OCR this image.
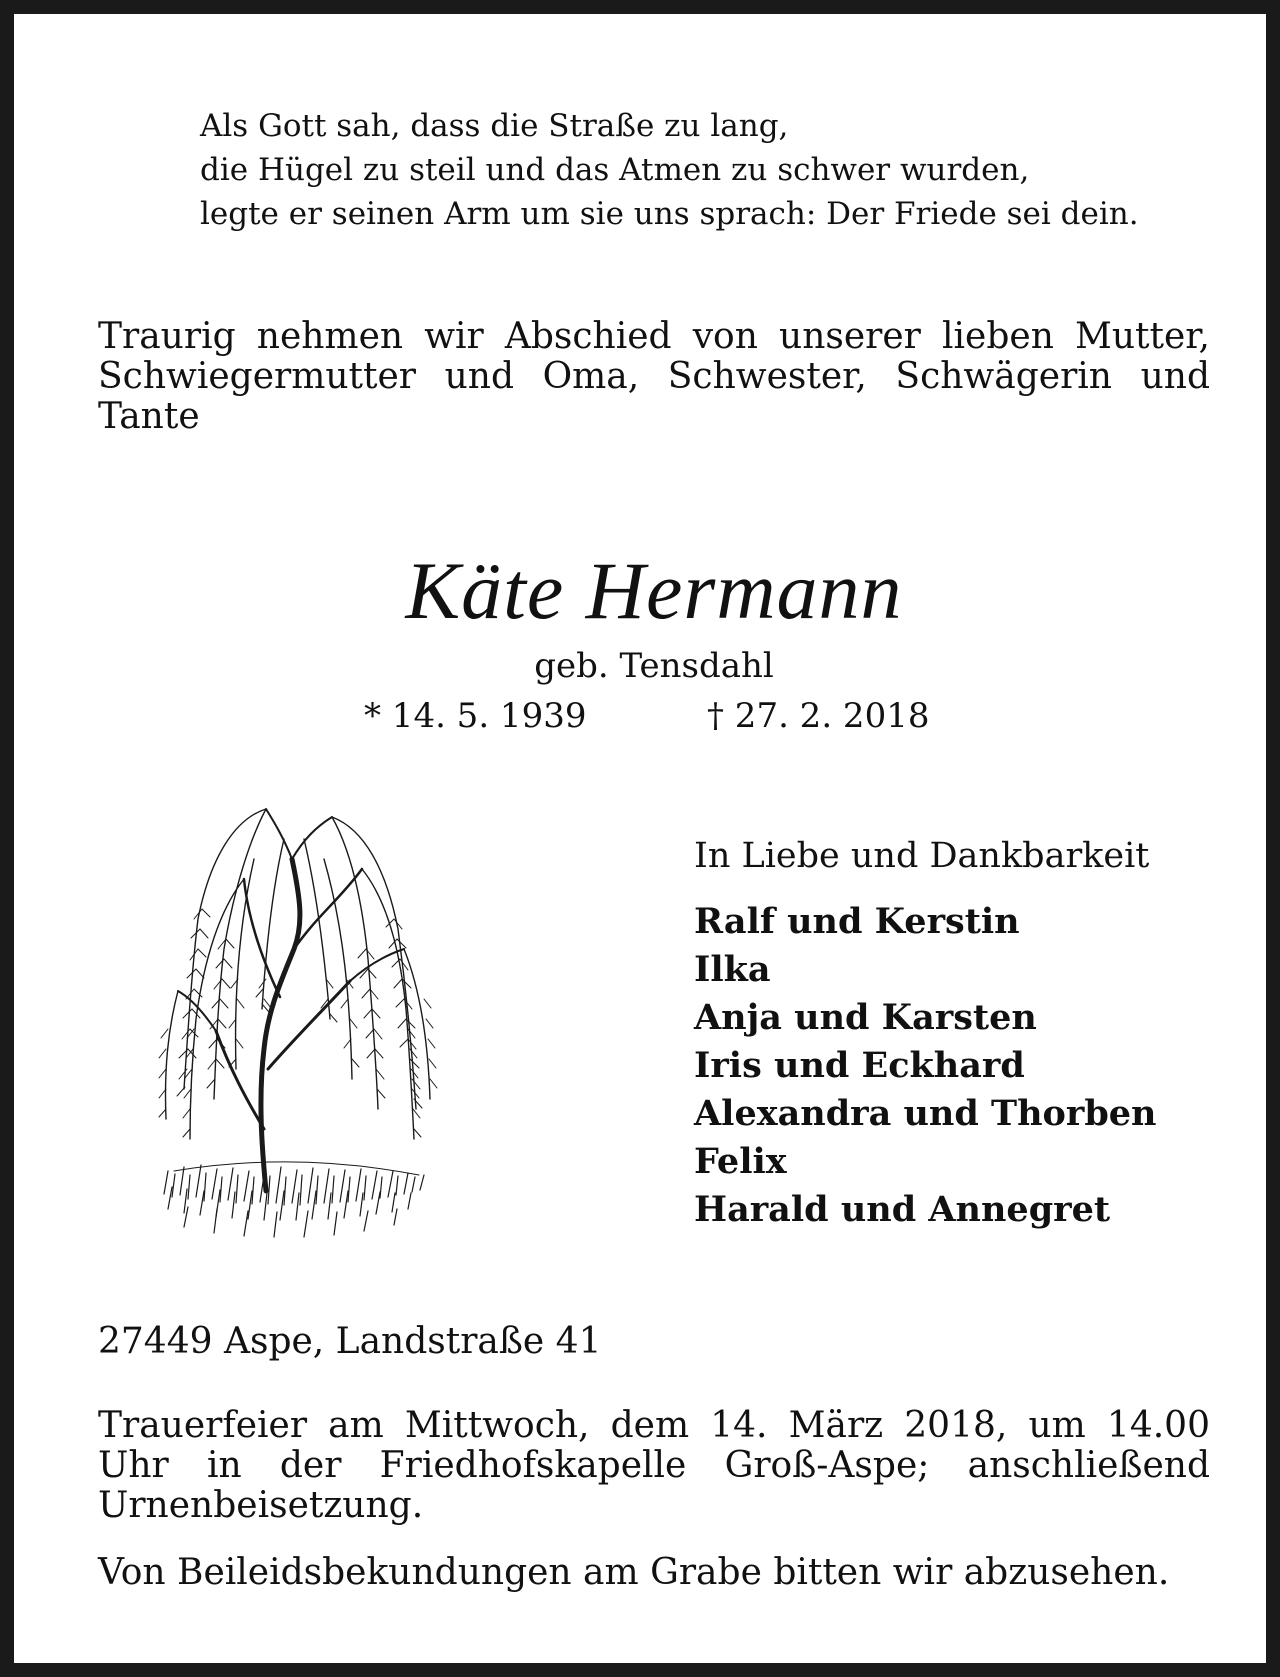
Als Gott sah, dass die Straße zu lang,
die Hügel zu steil und das Atmen zu schwer wurden,
legte er seinen Arm um sie uns sprach: Der Friede sei dein.
Traurig nehmen wir Abschied von unserer lieben Mutter, Schwiegermutter und Oma, Schwester, Schwägerin und Tante
Käte Hermann
geb. Tensdahl
* 14. 5. 1939	† 27. 2. 2018
In Liebe und Dankbarkeit
Ralf und Kerstin
Ilka
Anja und Karsten
Iris und Eckhard
Alexandra und Thorben
Felix
Harald und Annegret
27449 Aspe, Landstraße 41
Trauerfeier am Mittwoch, dem 14. März 2018, um 14.00 Uhr in der Friedhofskapelle Groß-Aspe; anschließend Urnenbeisetzung.
Von Beileidsbekundungen am Grabe bitten wir abzusehen.
